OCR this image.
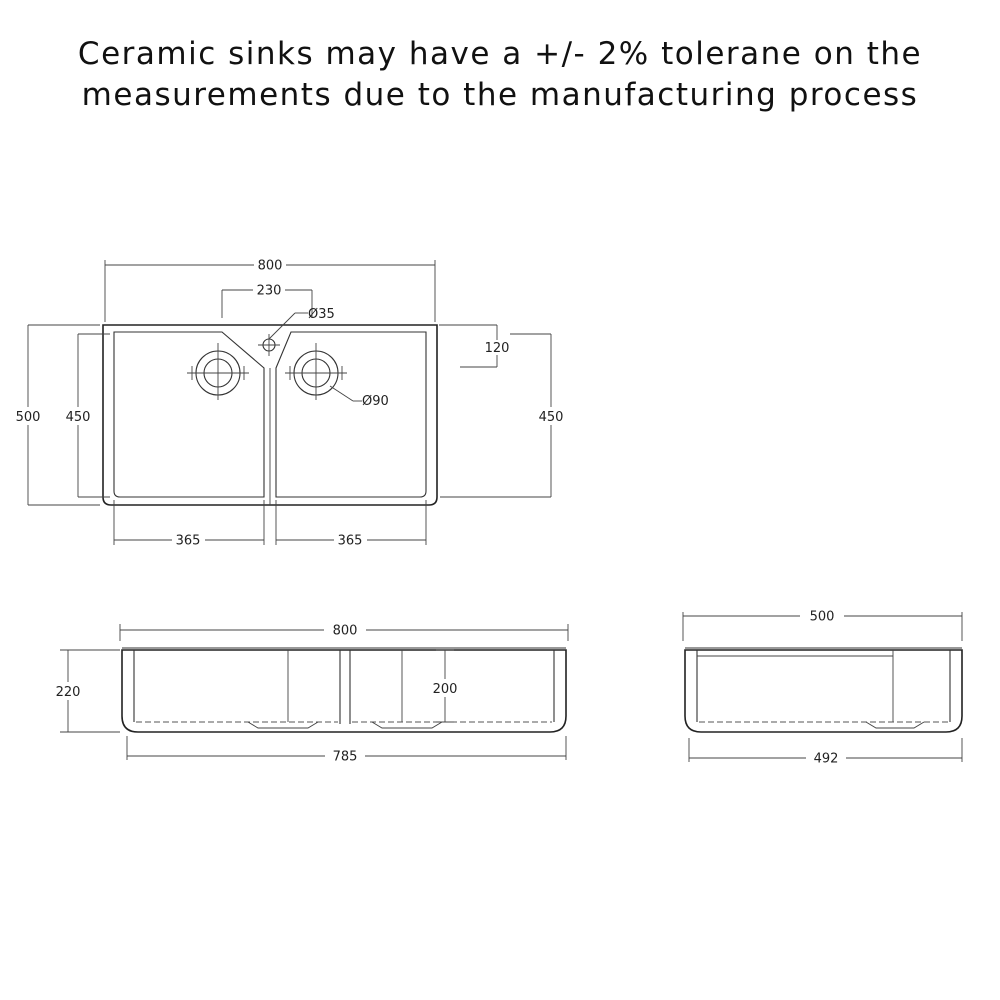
Ceramic sinks may have a +/- 2% tolerane on the
measurements due to the manufacturing process
800
230
Ø35
Ø90
120
500 450	450
365	365
800
220	200
785
500
492
